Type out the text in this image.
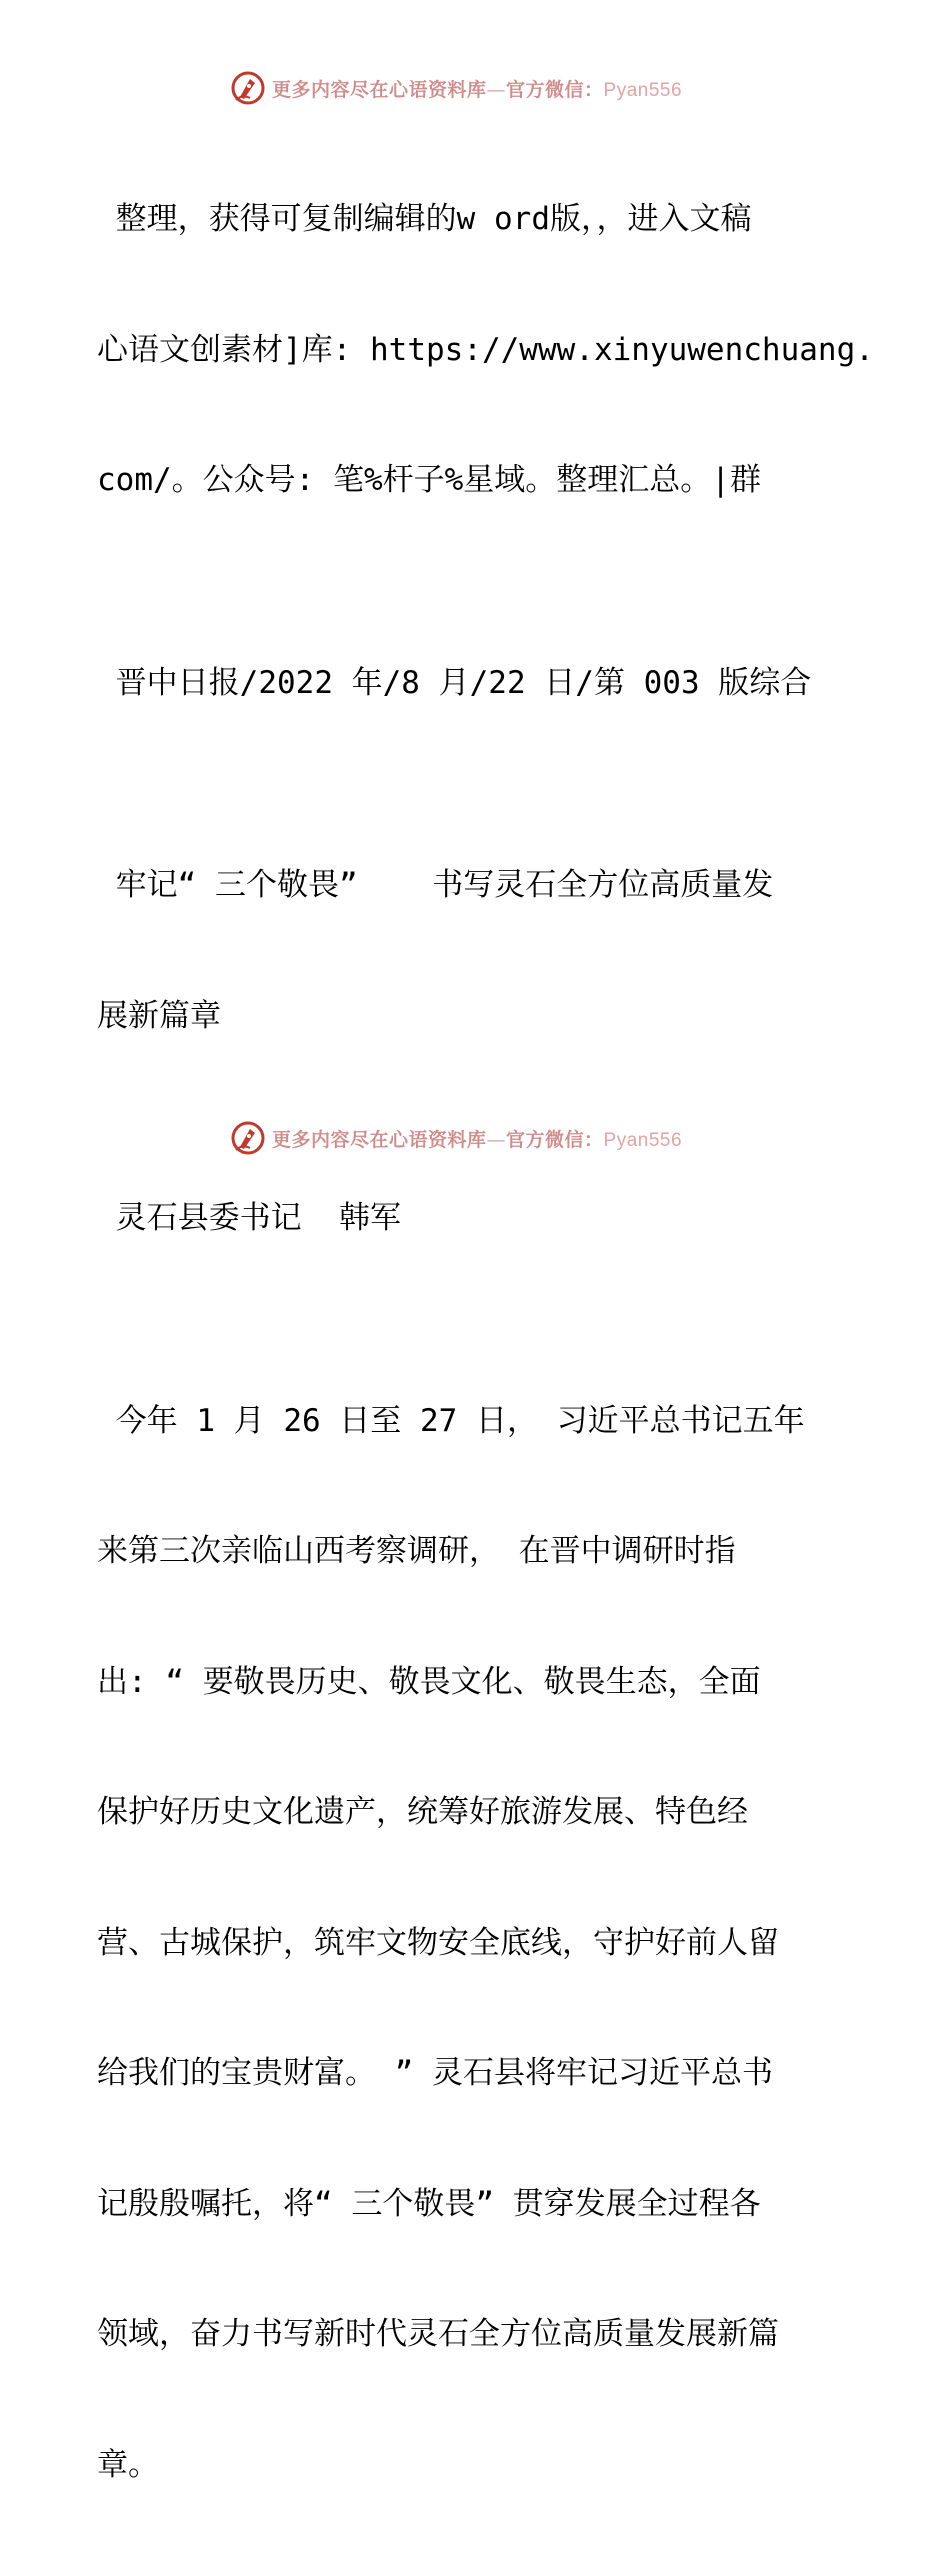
更多内容尽在心语资料库—官方微信：Pyan556

整理，获得可复制编辑的w ord版，，进入文稿

心语文创素材]库: https://www.xinyuwenchuang.

com/。公众号: 笔%杆子%星域。整理汇总。|群

晋中日报/2022 年/8 月/22 日/第 003 版综合

牢记“ 三个敬畏”    书写灵石全方位高质量发

展新篇章

灵石县委书记  韩军

今年 1 月 26 日至 27 日， 习近平总书记五年

来第三次亲临山西考察调研， 在晋中调研时指

出: “ 要敬畏历史、敬畏文化、敬畏生态，全面

保护好历史文化遗产，统筹好旅游发展、特色经

营、古城保护，筑牢文物安全底线，守护好前人留

给我们的宝贵财富。 ” 灵石县将牢记习近平总书

记殷殷嘱托，将“ 三个敬畏” 贯穿发展全过程各

领域，奋力书写新时代灵石全方位高质量发展新篇

章。

更多内容尽在心语资料库—官方微信：Pyan556
